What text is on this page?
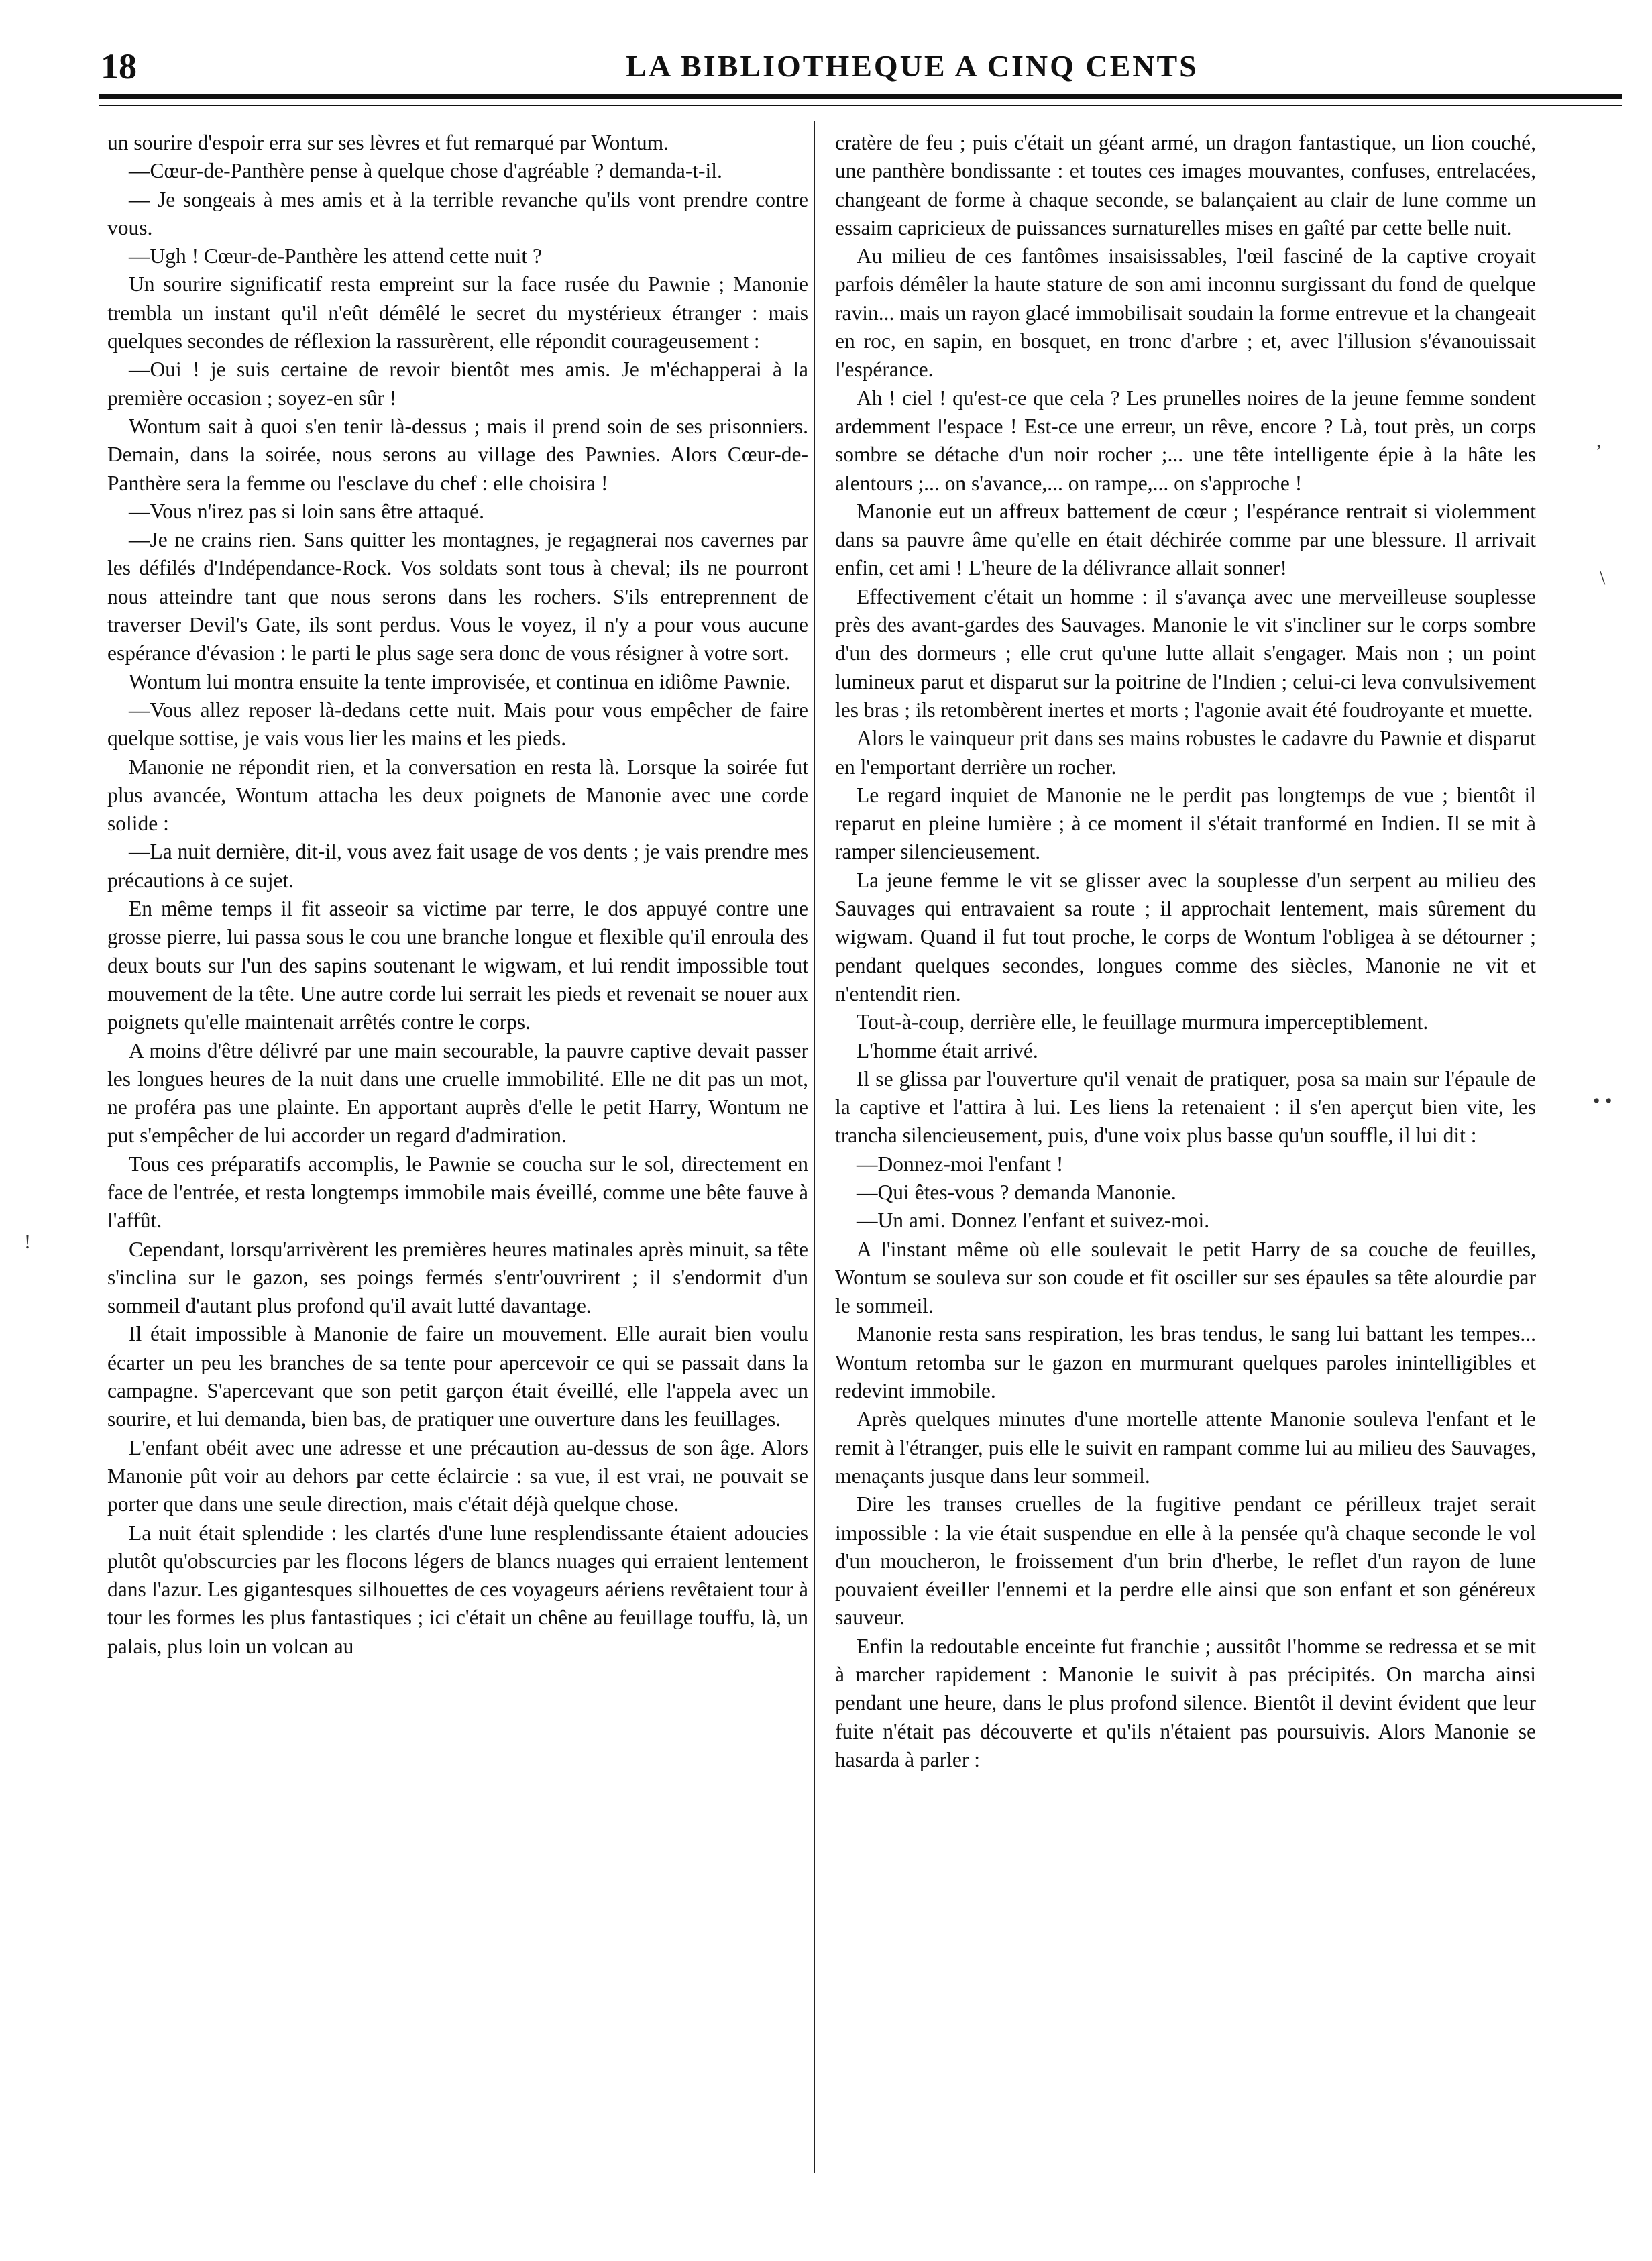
18	LA BIBLIOTHEQUE A CINQ CENTS

un sourire d'espoir erra sur ses lèvres et fut remarqué par Wontum.

—Cœur-de-Panthère pense à quelque chose d'agréable ? demanda-t-il.

— Je songeais à mes amis et à la terrible revanche qu'ils vont prendre contre vous.

—Ugh ! Cœur-de-Panthère les attend cette nuit ?

Un sourire significatif resta empreint sur la face rusée du Pawnie ; Manonie trembla un instant qu'il n'eût démêlé le secret du mystérieux étranger : mais quelques secondes de réflexion la rassurèrent, elle répondit courageusement :

—Oui ! je suis certaine de revoir bientôt mes amis. Je m'échapperai à la première occasion ; soyez-en sûr !

Wontum sait à quoi s'en tenir là-dessus ; mais il prend soin de ses prisonniers. Demain, dans la soirée, nous serons au village des Pawnies. Alors Cœur-de-Panthère sera la femme ou l'esclave du chef : elle choisira !

—Vous n'irez pas si loin sans être attaqué.

—Je ne crains rien. Sans quitter les montagnes, je regagnerai nos cavernes par les défilés d'Indépendance-Rock. Vos soldats sont tous à cheval; ils ne pourront nous atteindre tant que nous serons dans les rochers. S'ils entreprennent de traverser Devil's Gate, ils sont perdus. Vous le voyez, il n'y a pour vous aucune espérance d'évasion : le parti le plus sage sera donc de vous résigner à votre sort.

Wontum lui montra ensuite la tente improvisée, et continua en idiôme Pawnie.

—Vous allez reposer là-dedans cette nuit. Mais pour vous empêcher de faire quelque sottise, je vais vous lier les mains et les pieds.

Manonie ne répondit rien, et la conversation en resta là. Lorsque la soirée fut plus avancée, Wontum attacha les deux poignets de Manonie avec une corde solide :

—La nuit dernière, dit-il, vous avez fait usage de vos dents ; je vais prendre mes précautions à ce sujet.

En même temps il fit asseoir sa victime par terre, le dos appuyé contre une grosse pierre, lui passa sous le cou une branche longue et flexible qu'il enroula des deux bouts sur l'un des sapins soutenant le wigwam, et lui rendit impossible tout mouvement de la tête. Une autre corde lui serrait les pieds et revenait se nouer aux poignets qu'elle maintenait arrêtés contre le corps.

A moins d'être délivré par une main secourable, la pauvre captive devait passer les longues heures de la nuit dans une cruelle immobilité. Elle ne dit pas un mot, ne proféra pas une plainte. En apportant auprès d'elle le petit Harry, Wontum ne put s'empêcher de lui accorder un regard d'admiration.

Tous ces préparatifs accomplis, le Pawnie se coucha sur le sol, directement en face de l'entrée, et resta longtemps immobile mais éveillé, comme une bête fauve à l'affût.

Cependant, lorsqu'arrivèrent les premières heures matinales après minuit, sa tête s'inclina sur le gazon, ses poings fermés s'entr'ouvrirent ; il s'endormit d'un sommeil d'autant plus profond qu'il avait lutté davantage.

Il était impossible à Manonie de faire un mouvement. Elle aurait bien voulu écarter un peu les branches de sa tente pour apercevoir ce qui se passait dans la campagne. S'apercevant que son petit garçon était éveillé, elle l'appela avec un sourire, et lui demanda, bien bas, de pratiquer une ouverture dans les feuillages.

L'enfant obéit avec une adresse et une précaution au-dessus de son âge. Alors Manonie pût voir au dehors par cette éclaircie : sa vue, il est vrai, ne pouvait se porter que dans une seule direction, mais c'était déjà quelque chose.

La nuit était splendide : les clartés d'une lune resplendissante étaient adoucies plutôt qu'obscurcies par les flocons légers de blancs nuages qui erraient lentement dans l'azur. Les gigantesques silhouettes de ces voyageurs aériens revêtaient tour à tour les formes les plus fantastiques ; ici c'était un chêne au feuillage touffu, là, un palais, plus loin un volcan au

cratère de feu ; puis c'était un géant armé, un dragon fantastique, un lion couché, une panthère bondissante : et toutes ces images mouvantes, confuses, entrelacées, changeant de forme à chaque seconde, se balançaient au clair de lune comme un essaim capricieux de puissances surnaturelles mises en gaîté par cette belle nuit.

Au milieu de ces fantômes insaisissables, l'œil fasciné de la captive croyait parfois démêler la haute stature de son ami inconnu surgissant du fond de quelque ravin... mais un rayon glacé immobilisait soudain la forme entrevue et la changeait en roc, en sapin, en bosquet, en tronc d'arbre ; et, avec l'illusion s'évanouissait l'espérance.

Ah ! ciel ! qu'est-ce que cela ? Les prunelles noires de la jeune femme sondent ardemment l'espace ! Est-ce une erreur, un rêve, encore ? Là, tout près, un corps sombre se détache d'un noir rocher ;... une tête intelligente épie à la hâte les alentours ;... on s'avance,... on rampe,... on s'approche !

Manonie eut un affreux battement de cœur ; l'espérance rentrait si violemment dans sa pauvre âme qu'elle en était déchirée comme par une blessure. Il arrivait enfin, cet ami ! L'heure de la délivrance allait sonner!

Effectivement c'était un homme : il s'avança avec une merveilleuse souplesse près des avant-gardes des Sauvages. Manonie le vit s'incliner sur le corps sombre d'un des dormeurs ; elle crut qu'une lutte allait s'engager. Mais non ; un point lumineux parut et disparut sur la poitrine de l'Indien ; celui-ci leva convulsivement les bras ; ils retombèrent inertes et morts ; l'agonie avait été foudroyante et muette.

Alors le vainqueur prit dans ses mains robustes le cadavre du Pawnie et disparut en l'emportant derrière un rocher.

Le regard inquiet de Manonie ne le perdit pas longtemps de vue ; bientôt il reparut en pleine lumière ; à ce moment il s'était tranformé en Indien. Il se mit à ramper silencieusement.

La jeune femme le vit se glisser avec la souplesse d'un serpent au milieu des Sauvages qui entravaient sa route ; il approchait lentement, mais sûrement du wigwam. Quand il fut tout proche, le corps de Wontum l'obligea à se détourner ; pendant quelques secondes, longues comme des siècles, Manonie ne vit et n'entendit rien.

Tout-à-coup, derrière elle, le feuillage murmura imperceptiblement.

L'homme était arrivé.

Il se glissa par l'ouverture qu'il venait de pratiquer, posa sa main sur l'épaule de la captive et l'attira à lui. Les liens la retenaient : il s'en aperçut bien vite, les trancha silencieusement, puis, d'une voix plus basse qu'un souffle, il lui dit :

—Donnez-moi l'enfant !

—Qui êtes-vous ? demanda Manonie.

—Un ami. Donnez l'enfant et suivez-moi.

A l'instant même où elle soulevait le petit Harry de sa couche de feuilles, Wontum se souleva sur son coude et fit osciller sur ses épaules sa tête alourdie par le sommeil.

Manonie resta sans respiration, les bras tendus, le sang lui battant les tempes... Wontum retomba sur le gazon en murmurant quelques paroles inintelligibles et redevint immobile.

Après quelques minutes d'une mortelle attente Manonie souleva l'enfant et le remit à l'étranger, puis elle le suivit en rampant comme lui au milieu des Sauvages, menaçants jusque dans leur sommeil.

Dire les transes cruelles de la fugitive pendant ce périlleux trajet serait impossible : la vie était suspendue en elle à la pensée qu'à chaque seconde le vol d'un moucheron, le froissement d'un brin d'herbe, le reflet d'un rayon de lune pouvaient éveiller l'ennemi et la perdre elle ainsi que son enfant et son généreux sauveur.

Enfin la redoutable enceinte fut franchie ; aussitôt l'homme se redressa et se mit à marcher rapidement : Manonie le suivit à pas précipités. On marcha ainsi pendant une heure, dans le plus profond silence. Bientôt il devint évident que leur fuite n'était pas découverte et qu'ils n'étaient pas poursuivis. Alors Manonie se hasarda à parler :

!
,
• •
\
